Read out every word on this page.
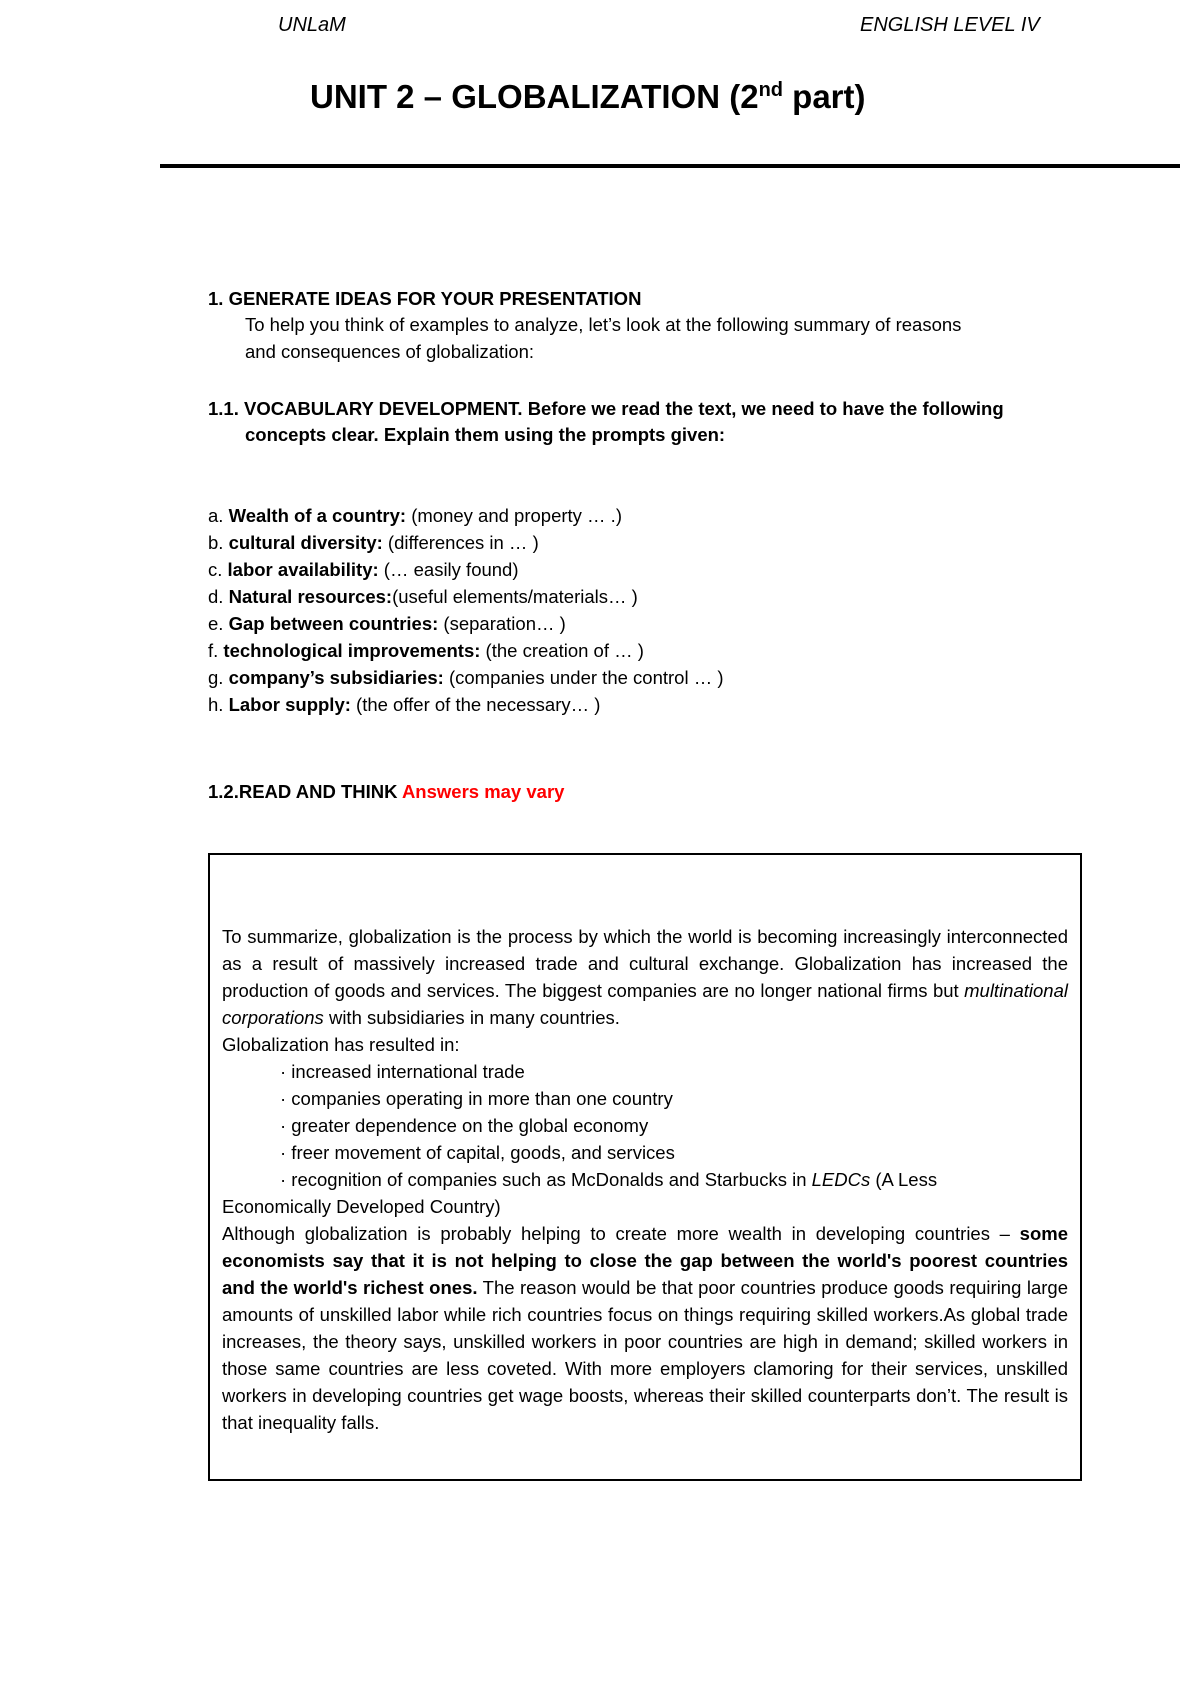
UNLaM	ENGLISH LEVEL IV
UNIT 2 – GLOBALIZATION (2nd part)
1. GENERATE IDEAS FOR YOUR PRESENTATION
To help you think of examples to analyze, let’s look at the following summary of reasons
and consequences of globalization:
1.1. VOCABULARY DEVELOPMENT. Before we read the text, we need to have the following
concepts clear. Explain them using the prompts given:
a. Wealth of a country: (money and property … .)
b. cultural diversity: (differences in … )
c. labor availability: (… easily found)
d. Natural resources:(useful elements/materials… )
e. Gap between countries: (separation… )
f. technological improvements: (the creation of … )
g. company’s subsidiaries: (companies under the control … )
h. Labor supply: (the offer of the necessary… )
1.2.READ AND THINK Answers may vary

To summarize, globalization is the process by which the world is becoming increasingly interconnected as a result of massively increased trade and cultural exchange. Globalization has increased the production of goods and services. The biggest companies are no longer national firms but multinational corporations with subsidiaries in many countries.

Globalization has resulted in:

· increased international trade

· companies operating in more than one country

· greater dependence on the global economy

· freer movement of capital, goods, and services

· recognition of companies such as McDonalds and Starbucks in LEDCs (A Less

Economically Developed Country)

Although globalization is probably helping to create more wealth in developing countries – some economists say that it is not helping to close the gap between the world's poorest countries and the world's richest ones. The reason would be that poor countries produce goods requiring large amounts of unskilled labor while rich countries focus on things requiring skilled workers.As global trade increases, the theory says, unskilled workers in poor countries are high in demand; skilled workers in those same countries are less coveted. With more employers clamoring for their services, unskilled workers in developing countries get wage boosts, whereas their skilled counterparts don’t. The result is that inequality falls.
